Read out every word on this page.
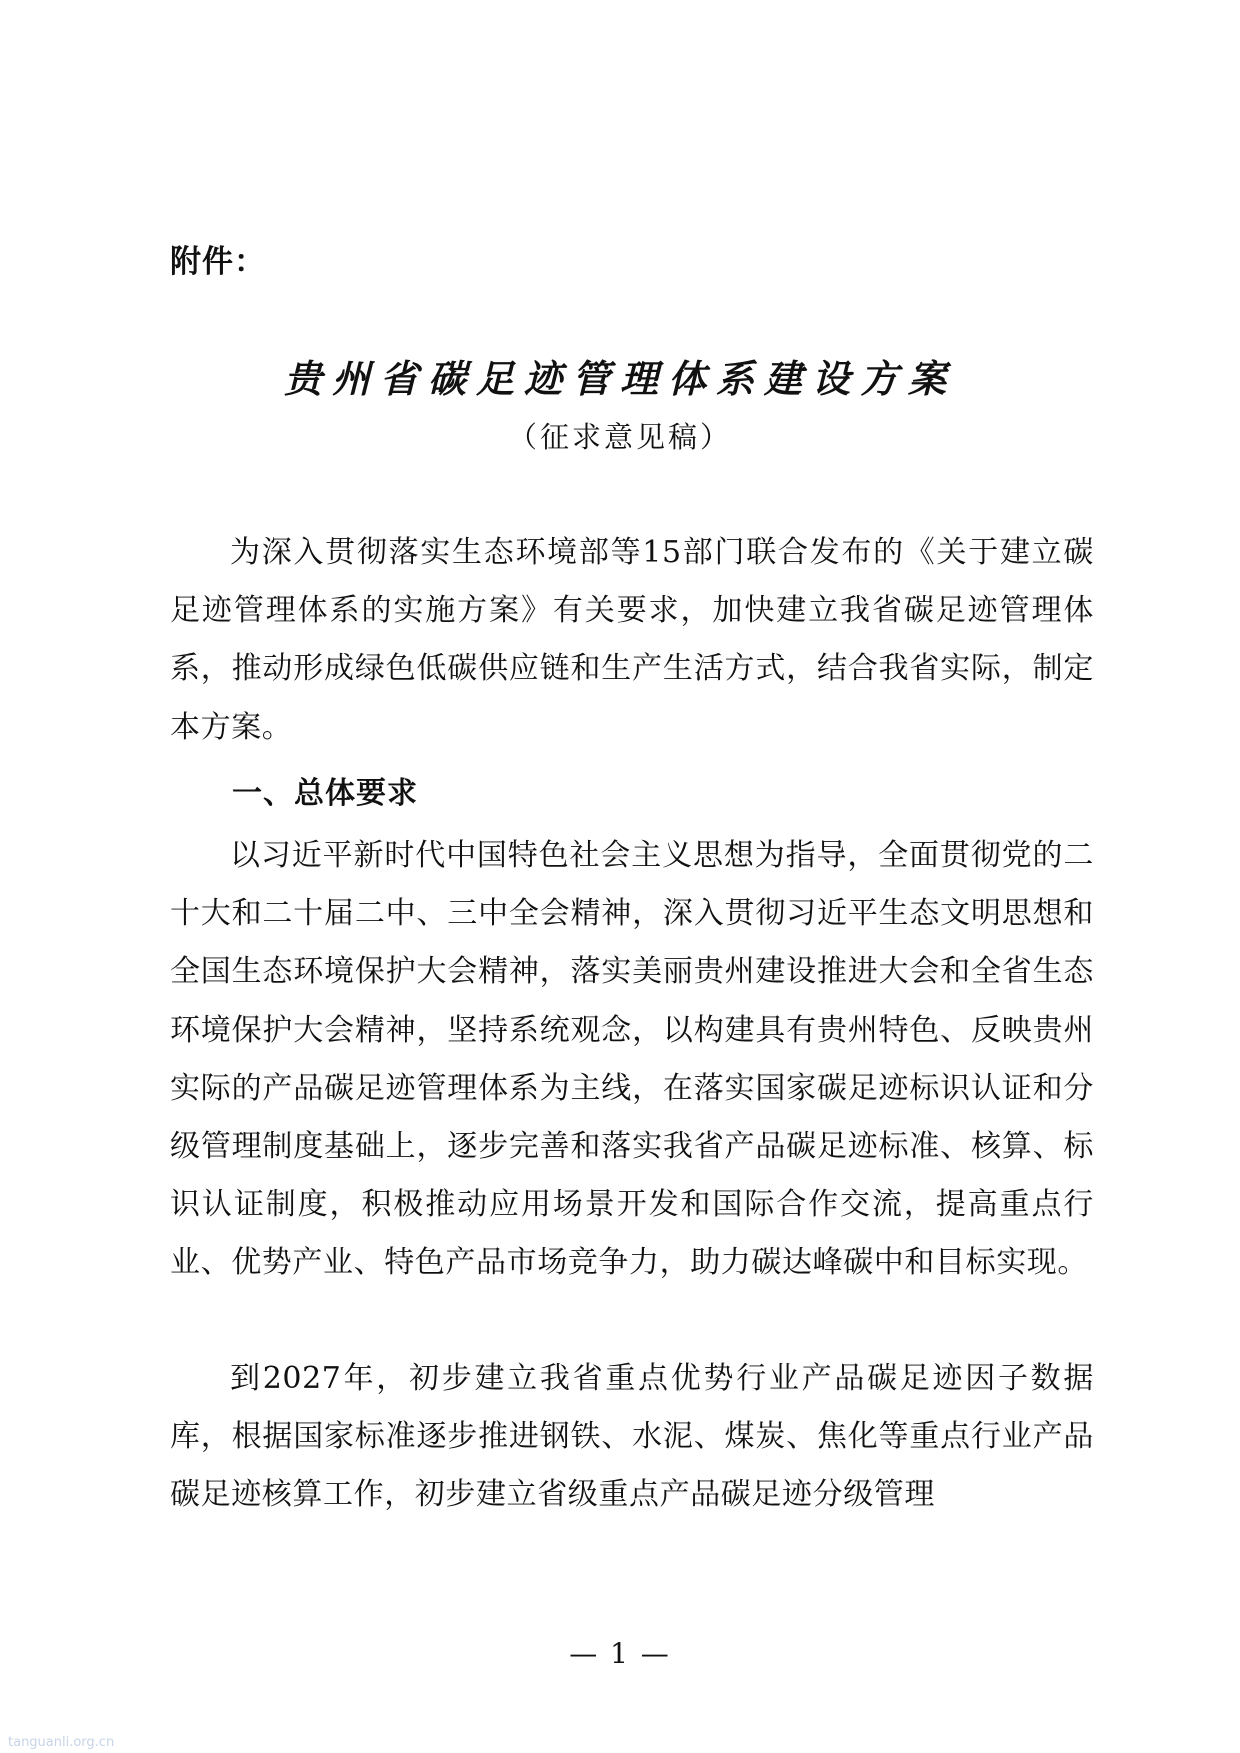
附件：

贵州省碳足迹管理体系建设方案

（征求意见稿）

为深入贯彻落实生态环境部等15部门联合发布的《关于建立碳足迹管理体系的实施方案》有关要求，加快建立我省碳足迹管理体系，推动形成绿色低碳供应链和生产生活方式，结合我省实际，制定本方案。

一、总体要求

以习近平新时代中国特色社会主义思想为指导，全面贯彻党的二十大和二十届二中、三中全会精神，深入贯彻习近平生态文明思想和全国生态环境保护大会精神，落实美丽贵州建设推进大会和全省生态环境保护大会精神，坚持系统观念，以构建具有贵州特色、反映贵州实际的产品碳足迹管理体系为主线，在落实国家碳足迹标识认证和分级管理制度基础上，逐步完善和落实我省产品碳足迹标准、核算、标识认证制度，积极推动应用场景开发和国际合作交流，提高重点行业、优势产业、特色产品市场竞争力，助力碳达峰碳中和目标实现。

到2027年，初步建立我省重点优势行业产品碳足迹因子数据库，根据国家标准逐步推进钢铁、水泥、煤炭、焦化等重点行业产品碳足迹核算工作，初步建立省级重点产品碳足迹分级管理

— 1 —

tanguanli.org.cn
